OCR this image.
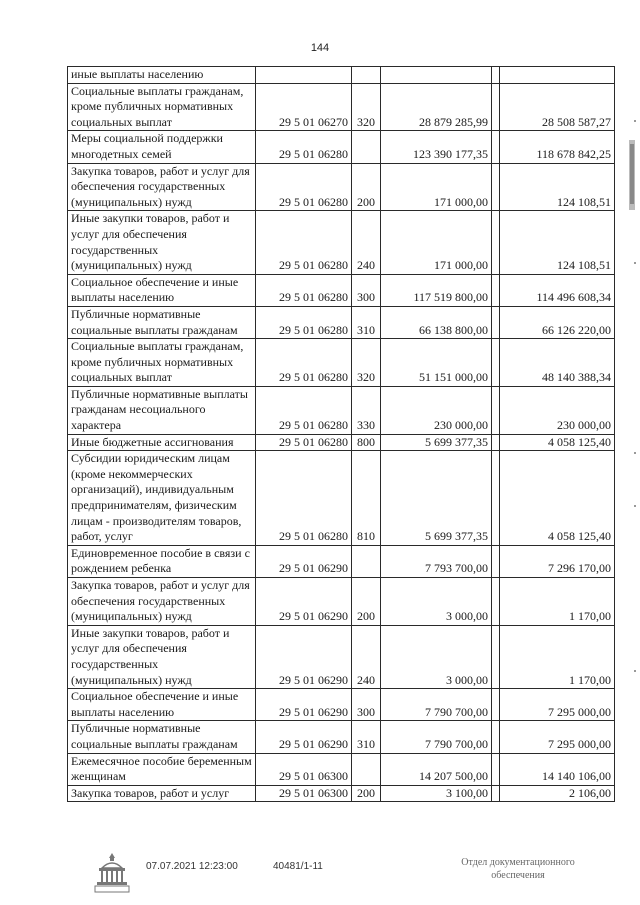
144
иные выплаты населению					
Социальные выплаты гражданам, кроме публичных нормативных социальных выплат	29 5 01 06270	320	28 879 285,99		28 508 587,27
Меры социальной поддержки многодетных семей	29 5 01 06280		123 390 177,35		118 678 842,25
Закупка товаров, работ и услуг для обеспечения государственных (муниципальных) нужд	29 5 01 06280	200	171 000,00		124 108,51
Иные закупки товаров, работ и услуг для обеспечения государственных (муниципальных) нужд	29 5 01 06280	240	171 000,00		124 108,51
Социальное обеспечение и иные выплаты населению	29 5 01 06280	300	117 519 800,00		114 496 608,34
Публичные нормативные социальные выплаты гражданам	29 5 01 06280	310	66 138 800,00		66 126 220,00
Социальные выплаты гражданам, кроме публичных нормативных социальных выплат	29 5 01 06280	320	51 151 000,00		48 140 388,34
Публичные нормативные выплаты гражданам несоциального характера	29 5 01 06280	330	230 000,00		230 000,00
Иные бюджетные ассигнования	29 5 01 06280	800	5 699 377,35		4 058 125,40
Субсидии юридическим лицам (кроме некоммерческих организаций), индивидуальным предпринимателям, физическим лицам - производителям товаров, работ, услуг	29 5 01 06280	810	5 699 377,35		4 058 125,40
Единовременное пособие в связи с рождением ребенка	29 5 01 06290		7 793 700,00		7 296 170,00
Закупка товаров, работ и услуг для обеспечения государственных (муниципальных) нужд	29 5 01 06290	200	3 000,00		1 170,00
Иные закупки товаров, работ и услуг для обеспечения государственных (муниципальных) нужд	29 5 01 06290	240	3 000,00		1 170,00
Социальное обеспечение и иные выплаты населению	29 5 01 06290	300	7 790 700,00		7 295 000,00
Публичные нормативные социальные выплаты гражданам	29 5 01 06290	310	7 790 700,00		7 295 000,00
Ежемесячное пособие беременным женщинам	29 5 01 06300		14 207 500,00		14 140 106,00
Закупка товаров, работ и услуг	29 5 01 06300	200	3 100,00		2 106,00
07.07.2021 12:23:00	40481/1-11	Отдел документационного
обеспечения
